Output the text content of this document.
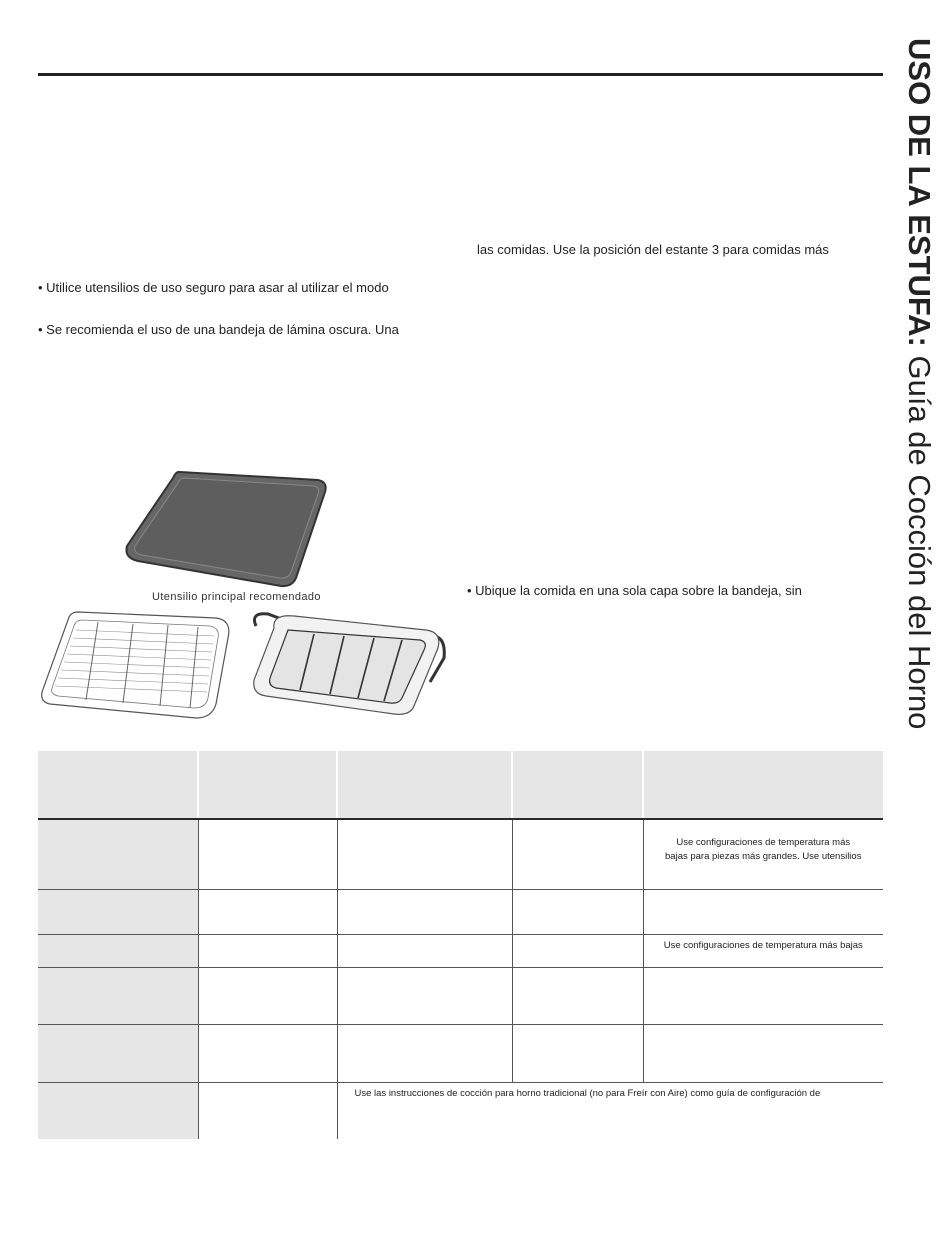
USO DE LA ESTUFA: Guía de Cocción del Horno
las comidas. Use la posición del estante 3 para comidas más
• Utilice utensilios de uso seguro para asar al utilizar el modo
• Se recomienda el uso de una bandeja de lámina oscura. Una
Utensilio principal recomendado	• Ubique la comida en una sola capa sobre la bandeja, sin

				Use configuraciones de temperatura más
bajas para piezas más grandes. Use utensilios

				Use configuraciones de temperatura más bajas

		Use las instrucciones de cocción para horno tradicional (no para Freír con Aire) como guía de configuración de		
